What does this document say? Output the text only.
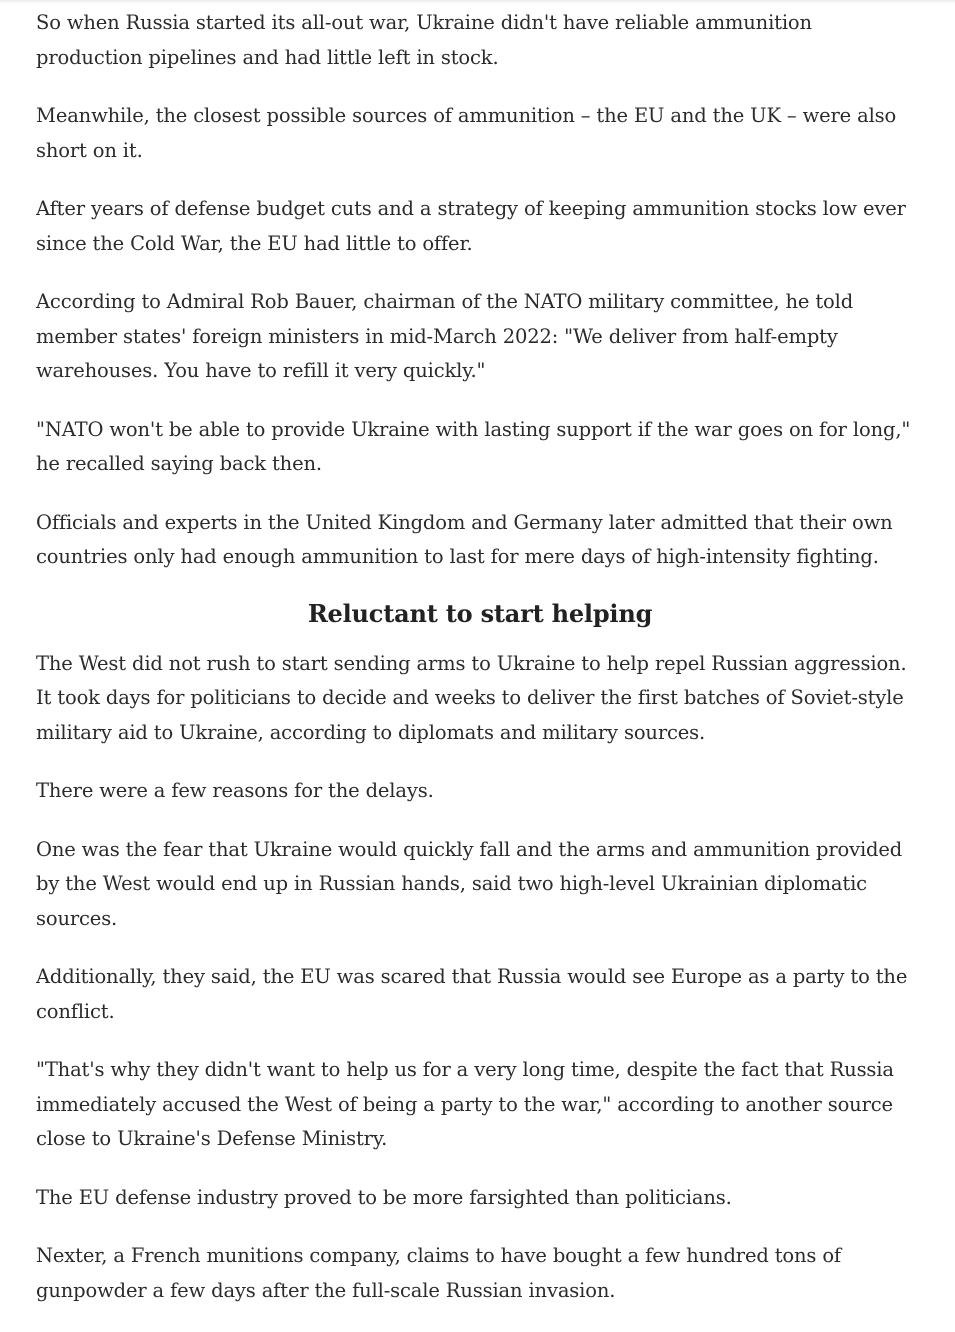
So when Russia started its all-out war, Ukraine didn't have reliable ammunition production pipelines and had little left in stock.

Meanwhile, the closest possible sources of ammunition – the EU and the UK – were also short on it.

After years of defense budget cuts and a strategy of keeping ammunition stocks low ever since the Cold War, the EU had little to offer.

According to Admiral Rob Bauer, chairman of the NATO military committee, he told member states' foreign ministers in mid-March 2022: "We deliver from half-empty warehouses. You have to refill it very quickly."

"NATO won't be able to provide Ukraine with lasting support if the war goes on for long," he recalled saying back then.

Officials and experts in the United Kingdom and Germany later admitted that their own countries only had enough ammunition to last for mere days of high-intensity fighting.

Reluctant to start helping

The West did not rush to start sending arms to Ukraine to help repel Russian aggression. It took days for politicians to decide and weeks to deliver the first batches of Soviet-style military aid to Ukraine, according to diplomats and military sources.

There were a few reasons for the delays.

One was the fear that Ukraine would quickly fall and the arms and ammunition provided by the West would end up in Russian hands, said two high-level Ukrainian diplomatic sources.

Additionally, they said, the EU was scared that Russia would see Europe as a party to the conflict.

"That's why they didn't want to help us for a very long time, despite the fact that Russia immediately accused the West of being a party to the war," according to another source close to Ukraine's Defense Ministry.

The EU defense industry proved to be more farsighted than politicians.

Nexter, a French munitions company, claims to have bought a few hundred tons of gunpowder a few days after the full-scale Russian invasion.
